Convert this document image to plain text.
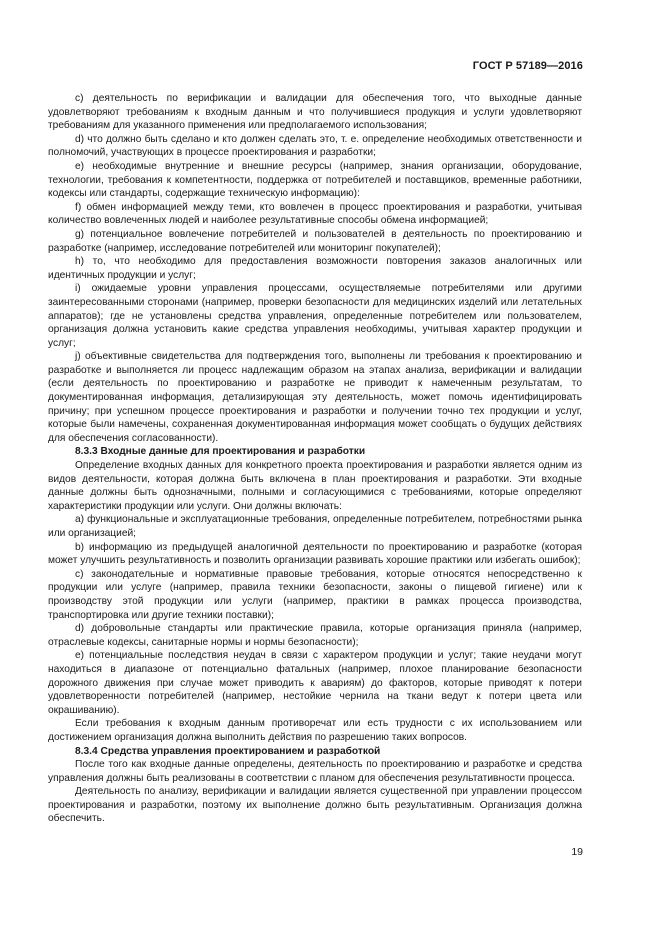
ГОСТ Р 57189—2016

c) деятельность по верификации и валидации для обеспечения того, что выходные данные удовлетворяют требованиям к входным данным и что получившиеся продукция и услуги удовлетворяют требованиям для указанного применения или предполагаемого использования;

d) что должно быть сделано и кто должен сделать это, т. е. определение необходимых ответственности и полномочий, участвующих в процессе проектирования и разработки;

e) необходимые внутренние и внешние ресурсы (например, знания организации, оборудование, технологии, требования к компетентности, поддержка от потребителей и поставщиков, временные работники, кодексы или стандарты, содержащие техническую информацию):

f) обмен информацией между теми, кто вовлечен в процесс проектирования и разработки, учитывая количество вовлеченных людей и наиболее результативные способы обмена информацией;

g) потенциальное вовлечение потребителей и пользователей в деятельность по проектированию и разработке (например, исследование потребителей или мониторинг покупателей);

h) то, что необходимо для предоставления возможности повторения заказов аналогичных или идентичных продукции и услуг;

i) ожидаемые уровни управления процессами, осуществляемые потребителями или другими заинтересованными сторонами (например, проверки безопасности для медицинских изделий или летательных аппаратов); где не установлены средства управления, определенные потребителем или пользователем, организация должна установить какие средства управления необходимы, учитывая характер продукции и услуг;

j) объективные свидетельства для подтверждения того, выполнены ли требования к проектированию и разработке и выполняется ли процесс надлежащим образом на этапах анализа, верификации и валидации (если деятельность по проектированию и разработке не приводит к намеченным результатам, то документированная информация, детализирующая эту деятельность, может помочь идентифицировать причину; при успешном процессе проектирования и разработки и получении точно тех продукции и услуг, которые были намечены, сохраненная документированная информация может сообщать о будущих действиях для обеспечения согласованности).

8.3.3 Входные данные для проектирования и разработки

Определение входных данных для конкретного проекта проектирования и разработки является одним из видов деятельности, которая должна быть включена в план проектирования и разработки. Эти входные данные должны быть однозначными, полными и согласующимися с требованиями, которые определяют характеристики продукции или услуги. Они должны включать:

a) функциональные и эксплуатационные требования, определенные потребителем, потребностями рынка или организацией;

b) информацию из предыдущей аналогичной деятельности по проектированию и разработке (которая может улучшить результативность и позволить организации развивать хорошие практики или избегать ошибок);

c) законодательные и нормативные правовые требования, которые относятся непосредственно к продукции или услуге (например, правила техники безопасности, законы о пищевой гигиене) или к производству этой продукции или услуги (например, практики в рамках процесса производства, транспортировка или другие техники поставки);

d) добровольные стандарты или практические правила, которые организация приняла (например, отраслевые кодексы, санитарные нормы и нормы безопасности);

e) потенциальные последствия неудач в связи с характером продукции и услуг; такие неудачи могут находиться в диапазоне от потенциально фатальных (например, плохое планирование безопасности дорожного движения при случае может приводить к авариям) до факторов, которые приводят к потери удовлетворенности потребителей (например, нестойкие чернила на ткани ведут к потери цвета или окрашиванию).

Если требования к входным данным противоречат или есть трудности с их использованием или достижением организация должна выполнить действия по разрешению таких вопросов.

8.3.4 Средства управления проектированием и разработкой

После того как входные данные определены, деятельность по проектированию и разработке и средства управления должны быть реализованы в соответствии с планом для обеспечения результативности процесса.

Деятельность по анализу, верификации и валидации является существенной при управлении процессом проектирования и разработки, поэтому их выполнение должно быть результативным. Организация должна обеспечить.

19
